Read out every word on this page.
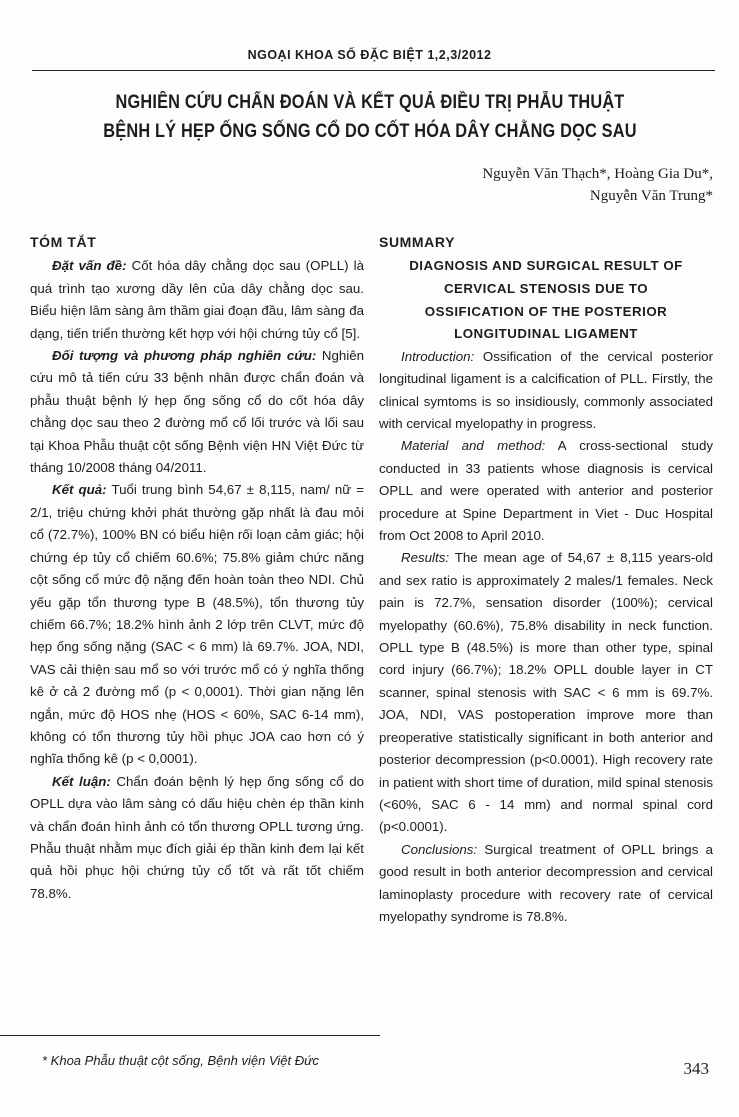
NGOẠI KHOA SỐ ĐẶC BIỆT 1,2,3/2012
NGHIÊN CỨU CHẨN ĐOÁN VÀ KẾT QUẢ ĐIỀU TRỊ PHẪU THUẬT
BỆNH LÝ HẸP ỐNG SỐNG CỔ DO CỐT HÓA DÂY CHẰNG DỌC SAU
Nguyễn Văn Thạch*, Hoàng Gia Du*,
Nguyễn Văn Trung*
TÓM TẮT

Đặt vấn đề: Cốt hóa dây chằng dọc sau (OPLL) là quá trình tạo xương dầy lên của dây chằng dọc sau. Biểu hiện lâm sàng âm thầm giai đoạn đầu, lâm sàng đa dạng, tiến triển thường kết hợp với hội chứng tủy cổ [5].

Đối tượng và phương pháp nghiên cứu: Nghiên cứu mô tả tiến cứu 33 bệnh nhân được chẩn đoán và phẫu thuật bệnh lý hẹp ống sống cổ do cốt hóa dây chằng dọc sau theo 2 đường mổ cổ lối trước và lối sau tại Khoa Phẫu thuật cột sống Bệnh viện HN Việt Đức từ tháng 10/2008 tháng 04/2011.

Kết quả: Tuổi trung bình 54,67 ± 8,115, nam/ nữ = 2/1, triệu chứng khởi phát thường gặp nhất là đau mỏi cổ (72.7%), 100% BN có biểu hiện rối loạn cảm giác; hội chứng ép tủy cổ chiếm 60.6%; 75.8% giảm chức năng cột sống cổ mức độ nặng đến hoàn toàn theo NDI. Chủ yếu gặp tổn thương type B (48.5%), tổn thương tủy chiếm 66.7%; 18.2% hình ảnh 2 lớp trên CLVT, mức độ hẹp ống sống nặng (SAC < 6 mm) là 69.7%. JOA, NDI, VAS cải thiện sau mổ so với trước mổ có ý nghĩa thống kê ở cả 2 đường mổ (p < 0,0001). Thời gian nặng lên ngắn, mức độ HOS nhẹ (HOS < 60%, SAC 6-14 mm), không có tổn thương tủy hồi phục JOA cao hơn có ý nghĩa thống kê (p < 0,0001).

Kết luận: Chẩn đoán bệnh lý hẹp ống sống cổ do OPLL dựa vào lâm sàng có dấu hiệu chèn ép thần kinh và chẩn đoán hình ảnh có tổn thương OPLL tương ứng. Phẫu thuật nhằm mục đích giải ép thần kinh đem lại kết quả hồi phục hội chứng tủy cổ tốt và rất tốt chiếm 78.8%.

SUMMARY
DIAGNOSIS AND SURGICAL RESULT OF
CERVICAL STENOSIS DUE TO
OSSIFICATION OF THE POSTERIOR
LONGITUDINAL LIGAMENT

Introduction: Ossification of the cervical posterior longitudinal ligament is a calcification of PLL. Firstly, the clinical symtoms is so insidiously, commonly associated with cervical myelopathy in progress.

Material and method: A cross-sectional study conducted in 33 patients whose diagnosis is cervical OPLL and were operated with anterior and posterior procedure at Spine Department in Viet - Duc Hospital from Oct 2008 to April 2010.

Results: The mean age of 54,67 ± 8,115 years-old and sex ratio is approximately 2 males/1 females. Neck pain is 72.7%, sensation disorder (100%); cervical myelopathy (60.6%), 75.8% disability in neck function. OPLL type B (48.5%) is more than other type, spinal cord injury (66.7%); 18.2% OPLL double layer in CT scanner, spinal stenosis with SAC < 6 mm is 69.7%. JOA, NDI, VAS postoperation improve more than preoperative statistically significant in both anterior and posterior decompression (p<0.0001). High recovery rate in patient with short time of duration, mild spinal stenosis (<60%, SAC 6 - 14 mm) and normal spinal cord (p<0.0001).

Conclusions: Surgical treatment of OPLL brings a good result in both anterior decompression and cervical laminoplasty procedure with recovery rate of cervical myelopathy syndrome is 78.8%.

* Khoa Phẫu thuật cột sống, Bệnh viện Việt Đức	343
